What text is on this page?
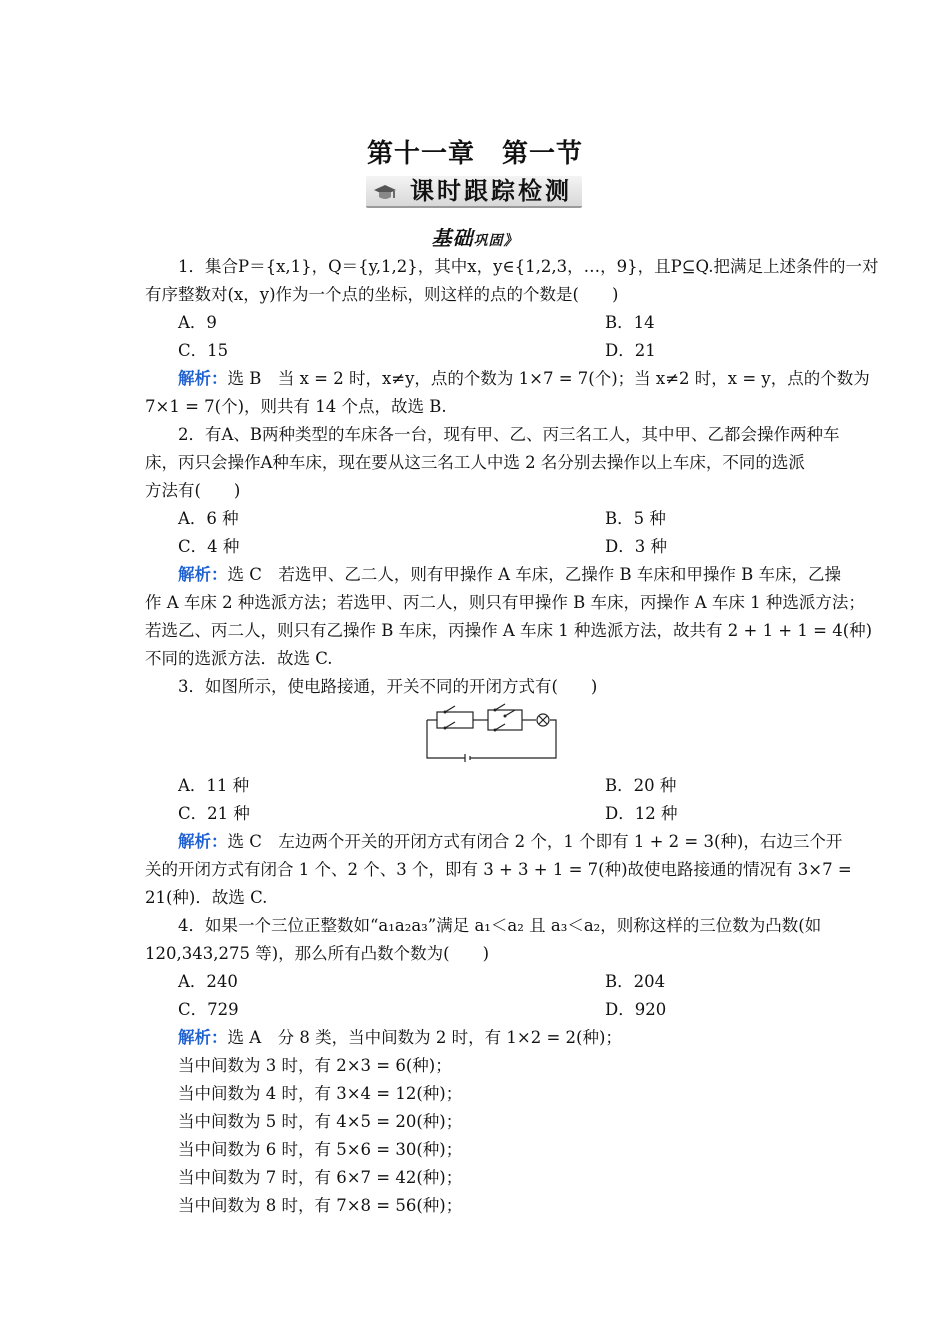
第十一章　第一节
课时跟踪检测
基础巩固》
1．集合P＝{x,1}，Q＝{y,1,2}，其中x，y∈{1,2,3，…，9}，且P⊆Q.把满足上述条件的一对
有序整数对(x，y)作为一个点的坐标，则这样的点的个数是(　　)
A．9	B．14
C．15	D．21
解析：选 B　当 x = 2 时，x≠y，点的个数为 1×7 = 7(个)；当 x≠2 时，x = y，点的个数为
7×1 = 7(个)，则共有 14 个点，故选 B.
2．有A、B两种类型的车床各一台，现有甲、乙、丙三名工人，其中甲、乙都会操作两种车
床，丙只会操作A种车床，现在要从这三名工人中选 2 名分别去操作以上车床，不同的选派
方法有(　　)
A．6 种	B．5 种
C．4 种	D．3 种
解析：选 C　若选甲、乙二人，则有甲操作 A 车床，乙操作 B 车床和甲操作 B 车床，乙操
作 A 车床 2 种选派方法；若选甲、丙二人，则只有甲操作 B 车床，丙操作 A 车床 1 种选派方法；
若选乙、丙二人，则只有乙操作 B 车床，丙操作 A 车床 1 种选派方法，故共有 2 + 1 + 1 = 4(种)
不同的选派方法．故选 C.
3．如图所示，使电路接通，开关不同的开闭方式有(　　)
A．11 种	B．20 种
C．21 种	D．12 种
解析：选 C　左边两个开关的开闭方式有闭合 2 个，1 个即有 1 + 2 = 3(种)，右边三个开
关的开闭方式有闭合 1 个、2 个、3 个，即有 3 + 3 + 1 = 7(种)故使电路接通的情况有 3×7 =
21(种)．故选 C.
4．如果一个三位正整数如“a₁a₂a₃”满足 a₁＜a₂ 且 a₃＜a₂，则称这样的三位数为凸数(如
120,343,275 等)，那么所有凸数个数为(　　)
A．240	B．204
C．729	D．920
解析：选 A　分 8 类，当中间数为 2 时，有 1×2 = 2(种)；
当中间数为 3 时，有 2×3 = 6(种)；
当中间数为 4 时，有 3×4 = 12(种)；
当中间数为 5 时，有 4×5 = 20(种)；
当中间数为 6 时，有 5×6 = 30(种)；
当中间数为 7 时，有 6×7 = 42(种)；
当中间数为 8 时，有 7×8 = 56(种)；
